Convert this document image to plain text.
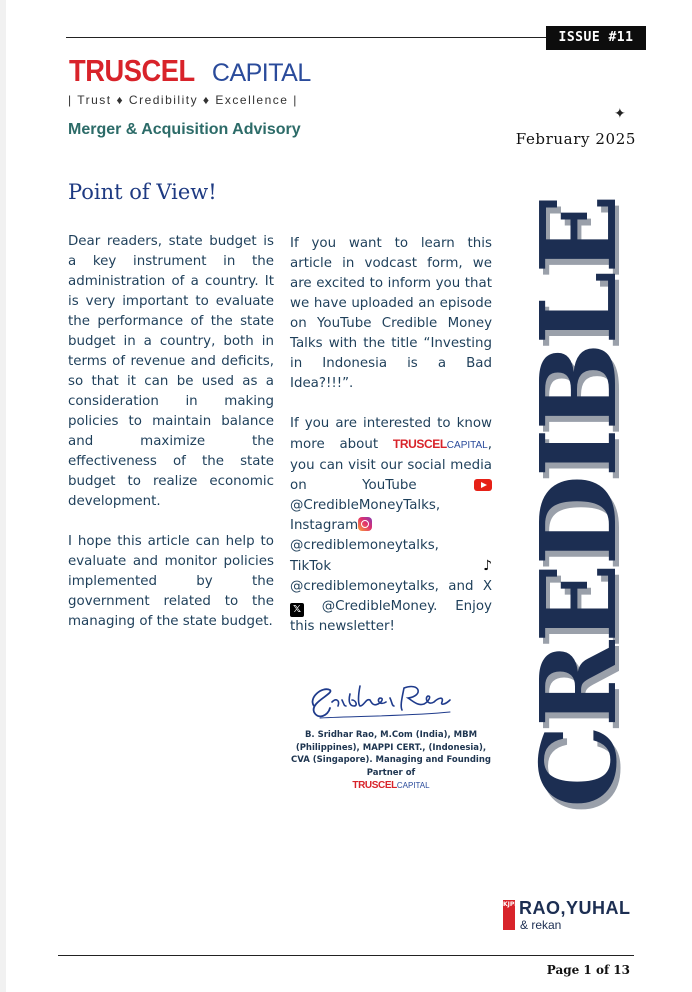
ISSUE #11
TRUSCEL CAPITAL
| Trust ♦ Credibility ♦ Excellence |
Merger & Acquisition Advisory
✦
February 2025
CREDIBLE
Point of View!

Dear readers, state budget is a key instrument in the administration of a country. It is very important to evaluate the performance of the state budget in a country, both in terms of revenue and deficits, so that it can be used as a consideration in making policies to maintain balance and maximize the effectiveness of the state budget to realize economic development.

I hope this article can help to evaluate and monitor policies implemented by the government related to the managing of the state budget.

If you want to learn this article in vodcast form, we are excited to inform you that we have uploaded an episode on YouTube Credible Money Talks with the title “Investing in Indonesia is a Bad Idea?!!!”.

If you are interested to know more about TRUSCELCAPITAL, you can visit our social media on	YouTube  @CredibleMoneyTalks, Instagram @crediblemoneytalks, TikTok♪ @crediblemoneytalks, and X 𝕏 @CredibleMoney. Enjoy this newsletter!

B. Sridhar Rao, M.Com (India), MBM (Philippines), MAPPI CERT., (Indonesia), CVA (Singapore). Managing and Founding Partner of
TRUSCELCAPITAL
KJPP RAO,YUHAL
& rekan
Page 1 of 13
